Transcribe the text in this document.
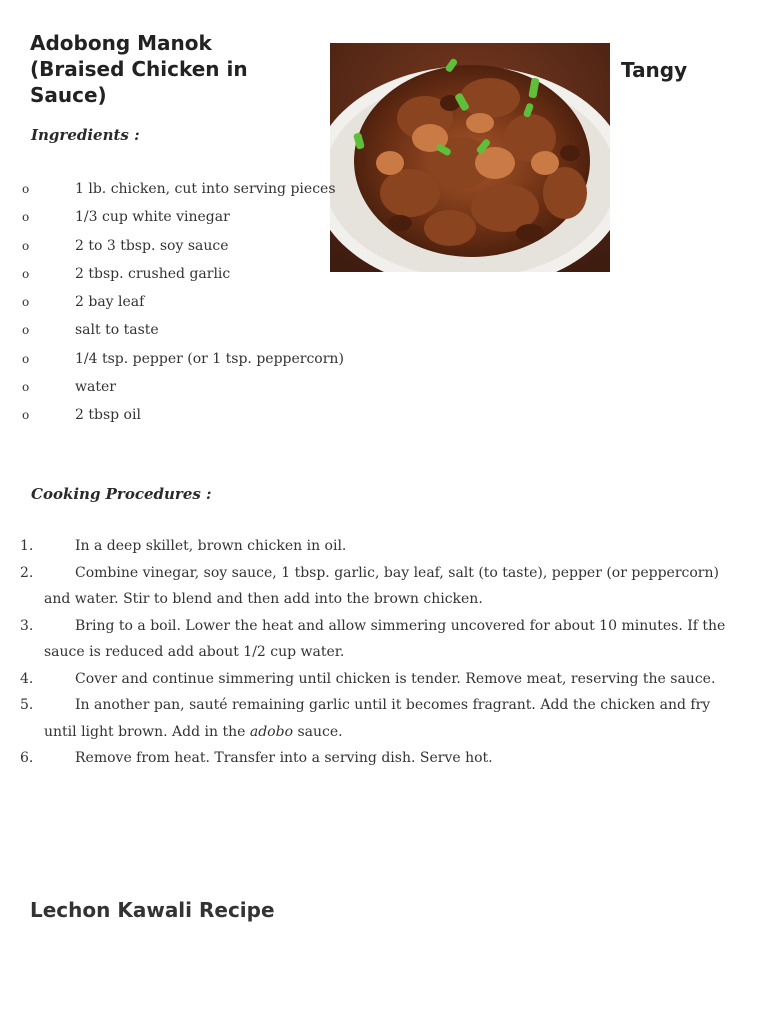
Adobong Manok (Braised Chicken in Sauce)
Tangy
Ingredients :
o	1 lb. chicken, cut into serving pieces
o	1/3 cup white vinegar
o	2 to 3 tbsp. soy sauce
o	2 tbsp. crushed garlic
o	2 bay leaf
o	salt to taste
o	1/4 tsp. pepper (or 1 tsp. peppercorn)
o	water
o	2 tbsp oil
Cooking Procedures :
1.	In a deep skillet, brown chicken in oil.
2.	Combine vinegar, soy sauce, 1 tbsp. garlic, bay leaf, salt (to taste), pepper (or peppercorn) and water. Stir to blend and then add into the brown chicken.
3.	Bring to a boil. Lower the heat and allow simmering uncovered for about 10 minutes. If the sauce is reduced add about 1/2 cup water.
4.	Cover and continue simmering until chicken is tender. Remove meat, reserving the sauce.
5.	In another pan, sauté remaining garlic until it becomes fragrant. Add the chicken and fry until light brown. Add in the adobo sauce.
6.	Remove from heat. Transfer into a serving dish. Serve hot.
Lechon Kawali Recipe
